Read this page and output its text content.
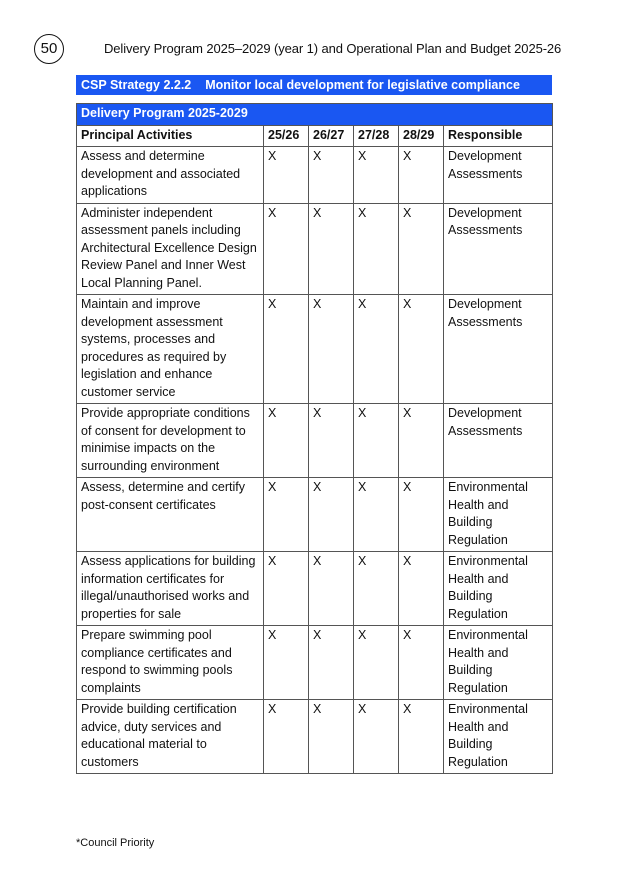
50	Delivery Program 2025–2029 (year 1) and Operational Plan and Budget 2025-26
CSP Strategy 2.2.2 Monitor local development for legislative compliance
Delivery Program 2025-2029					
Principal Activities	25/26	26/27	27/28	28/29	Responsible
Assess and determine development and associated applications	X	X	X	X	Development Assessments
Administer independent assessment panels including Architectural Excellence Design Review Panel and Inner West Local Planning Panel.	X	X	X	X	Development Assessments
Maintain and improve development assessment systems, processes and procedures as required by legislation and enhance customer service	X	X	X	X	Development Assessments
Provide appropriate conditions of consent for development to minimise impacts on the surrounding environment	X	X	X	X	Development Assessments
Assess, determine and certify post-consent certificates	X	X	X	X	Environmental Health and Building Regulation
Assess applications for building information certificates for illegal/unauthorised works and properties for sale	X	X	X	X	Environmental Health and Building Regulation
Prepare swimming pool compliance certificates and respond to swimming pools complaints	X	X	X	X	Environmental Health and Building Regulation
Provide building certification advice, duty services and educational material to customers	X	X	X	X	Environmental Health and Building Regulation
*Council Priority
